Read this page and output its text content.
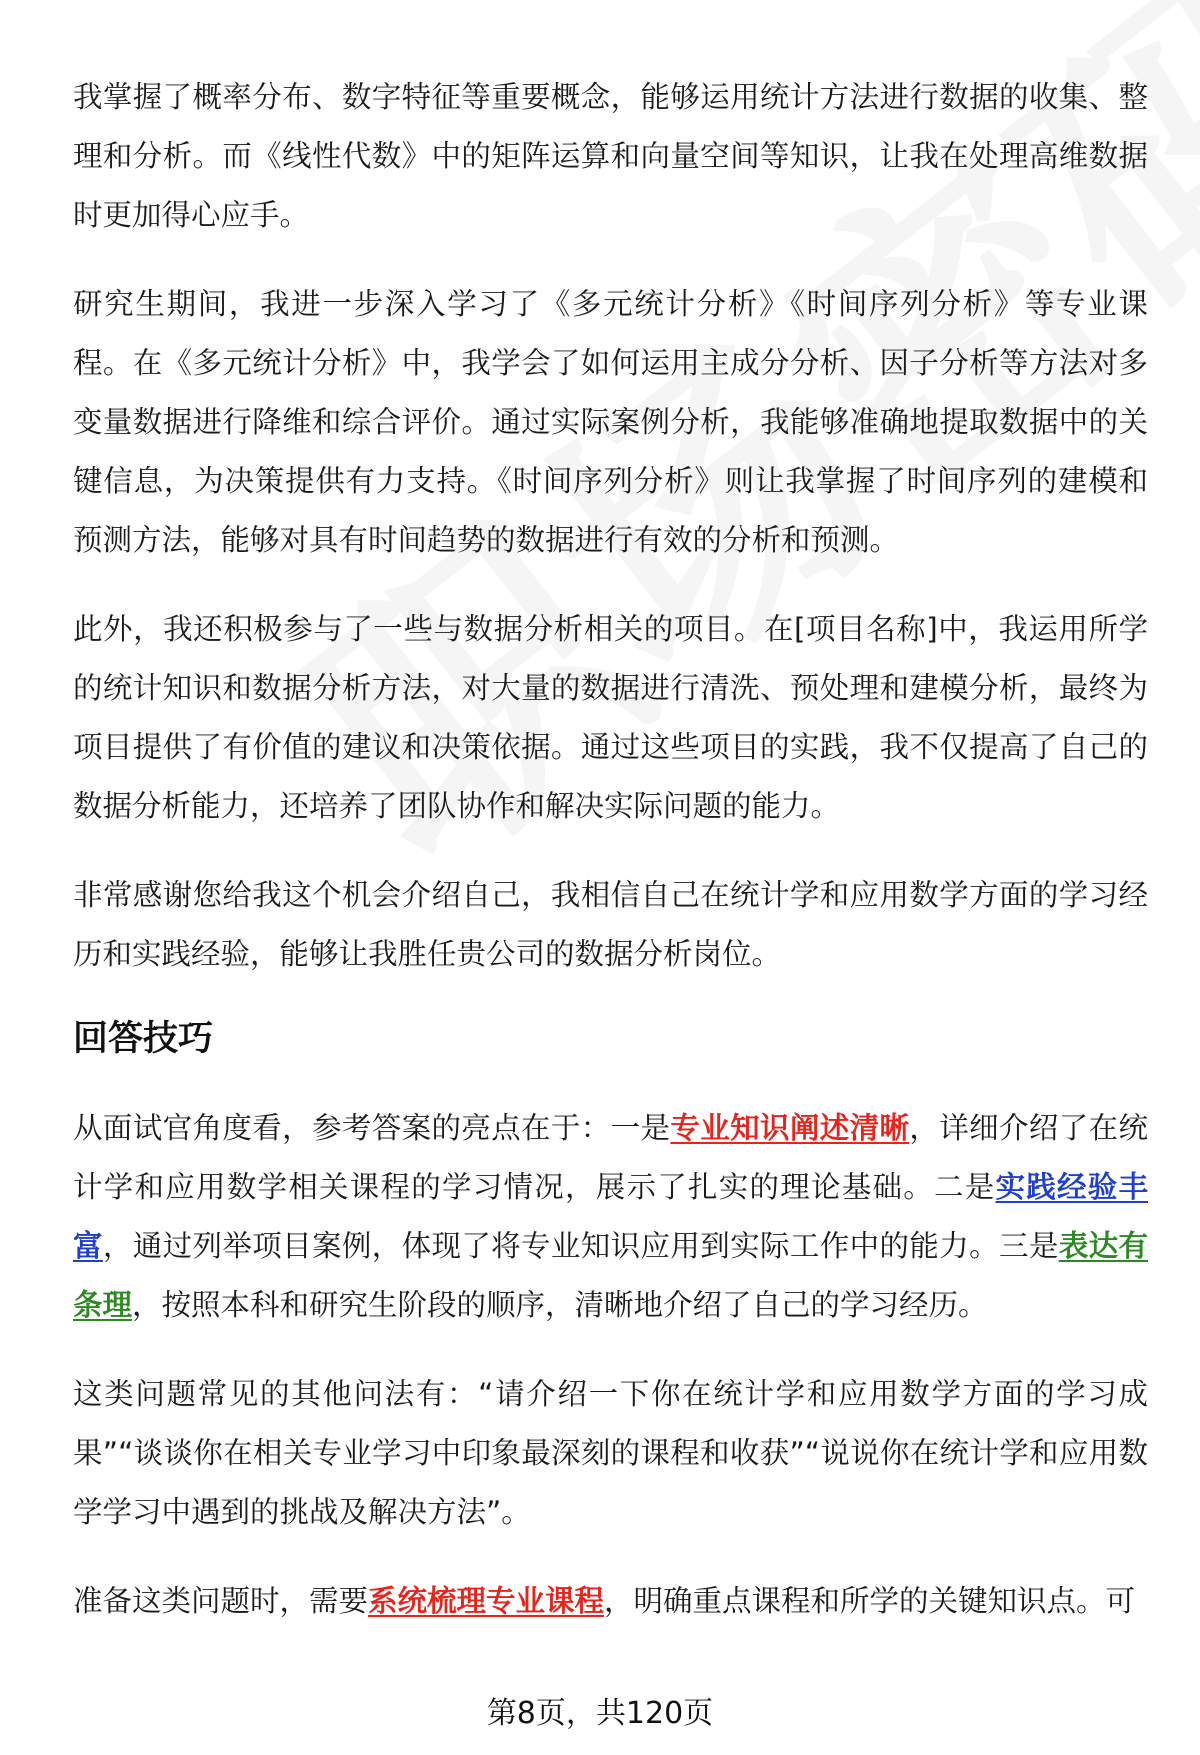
我掌握了概率分布、数字特征等重要概念，能够运用统计方法进行数据的收集、整理和分析。而《线性代数》中的矩阵运算和向量空间等知识，让我在处理高维数据时更加得心应手。

研究生期间，我进一步深入学习了《多元统计分析》《时间序列分析》等专业课程。在《多元统计分析》中，我学会了如何运用主成分分析、因子分析等方法对多变量数据进行降维和综合评价。通过实际案例分析，我能够准确地提取数据中的关键信息，为决策提供有力支持。《时间序列分析》则让我掌握了时间序列的建模和预测方法，能够对具有时间趋势的数据进行有效的分析和预测。

此外，我还积极参与了一些与数据分析相关的项目。在[项目名称]中，我运用所学的统计知识和数据分析方法，对大量的数据进行清洗、预处理和建模分析，最终为项目提供了有价值的建议和决策依据。通过这些项目的实践，我不仅提高了自己的数据分析能力，还培养了团队协作和解决实际问题的能力。

非常感谢您给我这个机会介绍自己，我相信自己在统计学和应用数学方面的学习经历和实践经验，能够让我胜任贵公司的数据分析岗位。

回答技巧

从面试官角度看，参考答案的亮点在于：一是专业知识阐述清晰，详细介绍了在统计学和应用数学相关课程的学习情况，展示了扎实的理论基础。二是实践经验丰富，通过列举项目案例，体现了将专业知识应用到实际工作中的能力。三是表达有条理，按照本科和研究生阶段的顺序，清晰地介绍了自己的学习经历。

这类问题常见的其他问法有：“请介绍一下你在统计学和应用数学方面的学习成果”“谈谈你在相关专业学习中印象最深刻的课程和收获”“说说你在统计学和应用数学学习中遇到的挑战及解决方法”。

准备这类问题时，需要系统梳理专业课程，明确重点课程和所学的关键知识点。可

第8页，共120页
